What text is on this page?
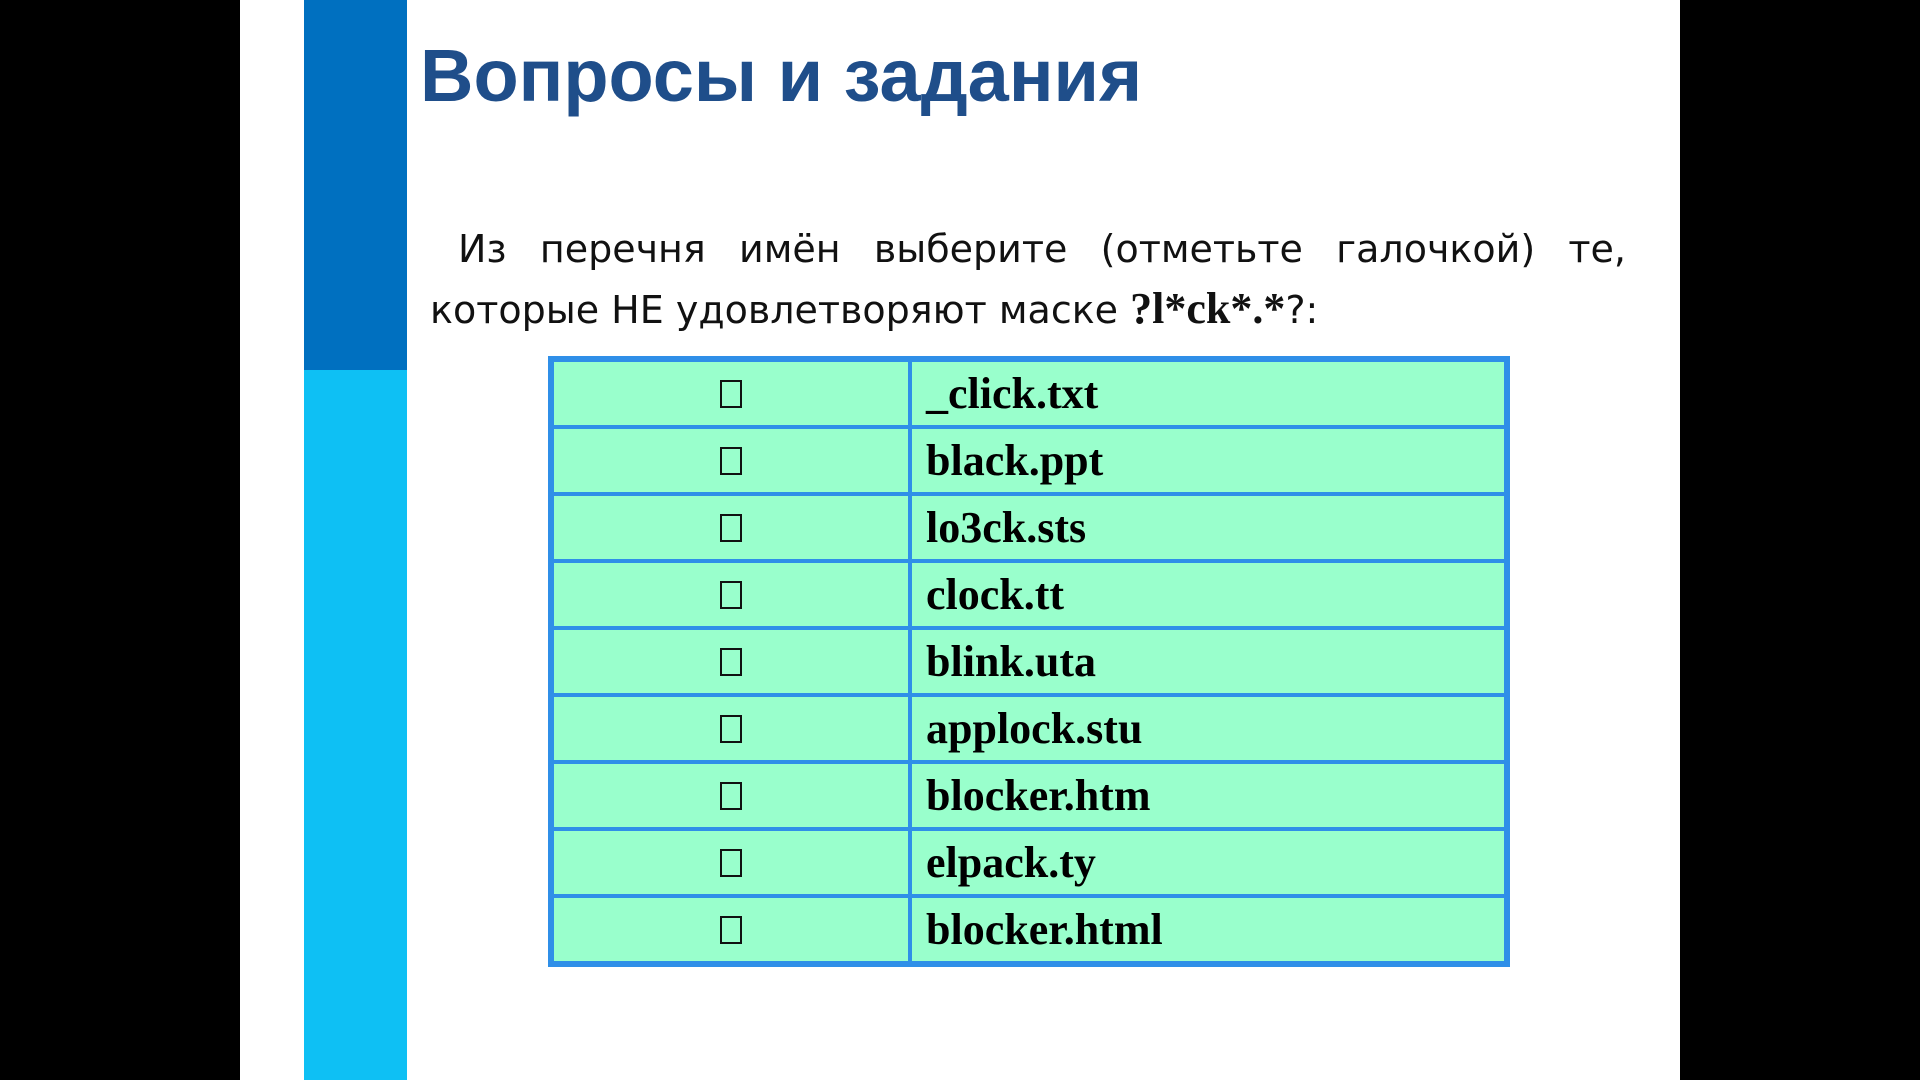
Вопросы и задания

Из перечня имён выберите (отметьте галочкой) те, которые НЕ удовлетворяют маске ?l*ck*.*?:

	_click.txt
	black.ppt
	lo3ck.sts
	clock.tt
	blink.uta
	applock.stu
	blocker.htm
	elpack.ty
	blocker.html
